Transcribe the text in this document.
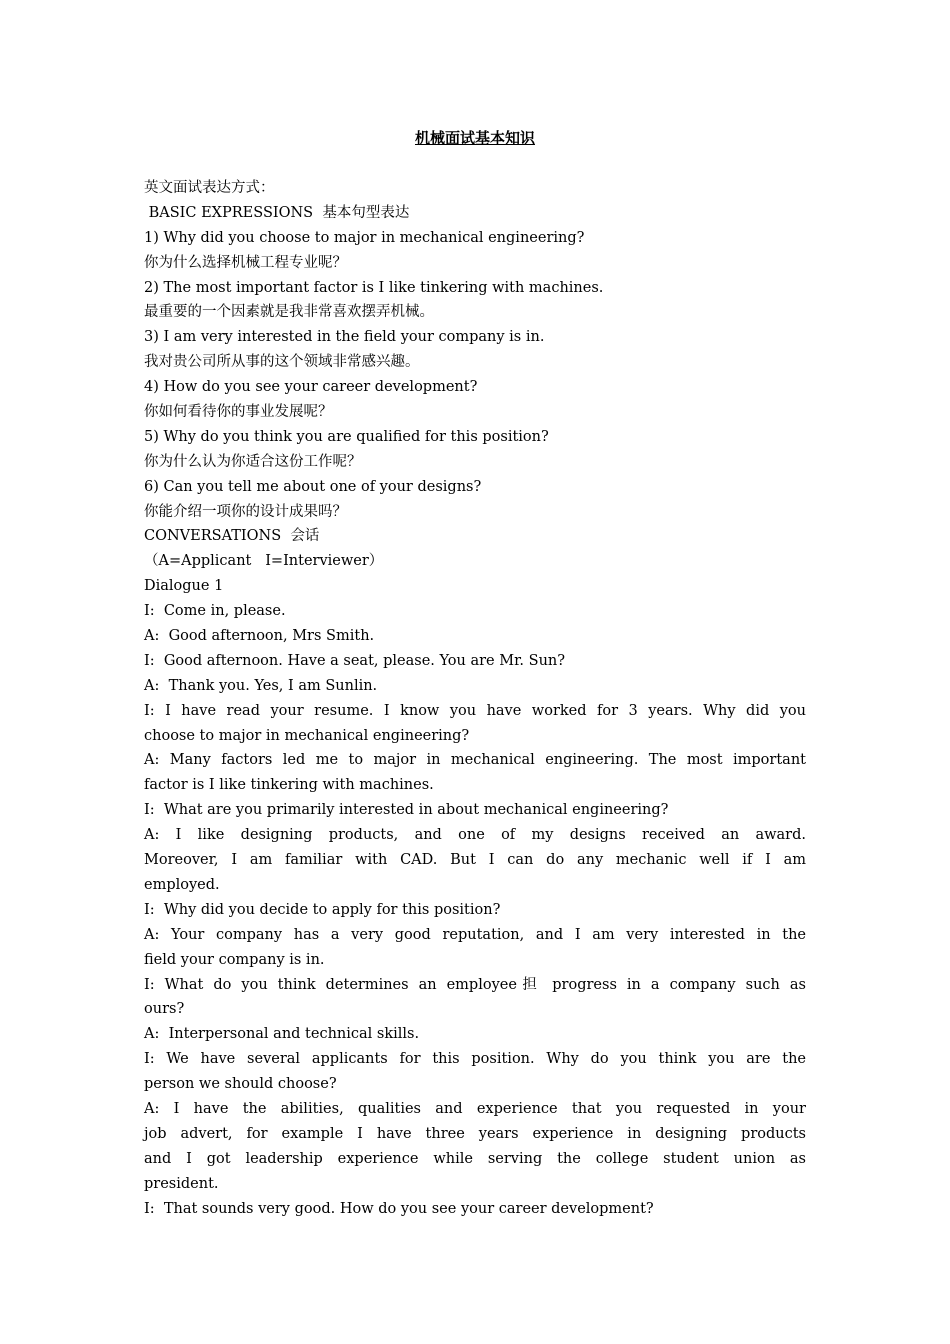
机械面试基本知识
英文面试表达方式：
BASIC EXPRESSIONS  基本句型表达
1) Why did you choose to major in mechanical engineering?
你为什么选择机械工程专业呢？
2) The most important factor is I like tinkering with machines.
最重要的一个因素就是我非常喜欢摆弄机械。
3) I am very interested in the field your company is in.
我对贵公司所从事的这个领域非常感兴趣。
4) How do you see your career development?
你如何看待你的事业发展呢？
5) Why do you think you are qualified for this position?
你为什么认为你适合这份工作呢？
6) Can you tell me about one of your designs?
你能介绍一项你的设计成果吗？
CONVERSATIONS  会话
（A=Applicant   I=Interviewer）
Dialogue 1
I:  Come in, please.
A:  Good afternoon, Mrs Smith.
I:  Good afternoon. Have a seat, please. You are Mr. Sun?
A:  Thank you. Yes, I am Sunlin.
I: I have read your resume. I know you have worked for 3 years. Why did you
choose to major in mechanical engineering?
A: Many factors led me to major in mechanical engineering. The most important
factor is I like tinkering with machines.
I:  What are you primarily interested in about mechanical engineering?
A: I like designing products, and one of my designs received an award.
Moreover, I am familiar with CAD. But I can do any mechanic well if I am
employed.
I:  Why did you decide to apply for this position?
A: Your company has a very good reputation, and I am very interested in the
field your company is in.
I: What do you think determines an employee担 progress in a company such as
ours?
A:  Interpersonal and technical skills.
I: We have several applicants for this position. Why do you think you are the
person we should choose?
A: I have the abilities, qualities and experience that you requested in your
job advert, for example I have three years experience in designing products
and I got leadership experience while serving the college student union as
president.
I:  That sounds very good. How do you see your career development?
